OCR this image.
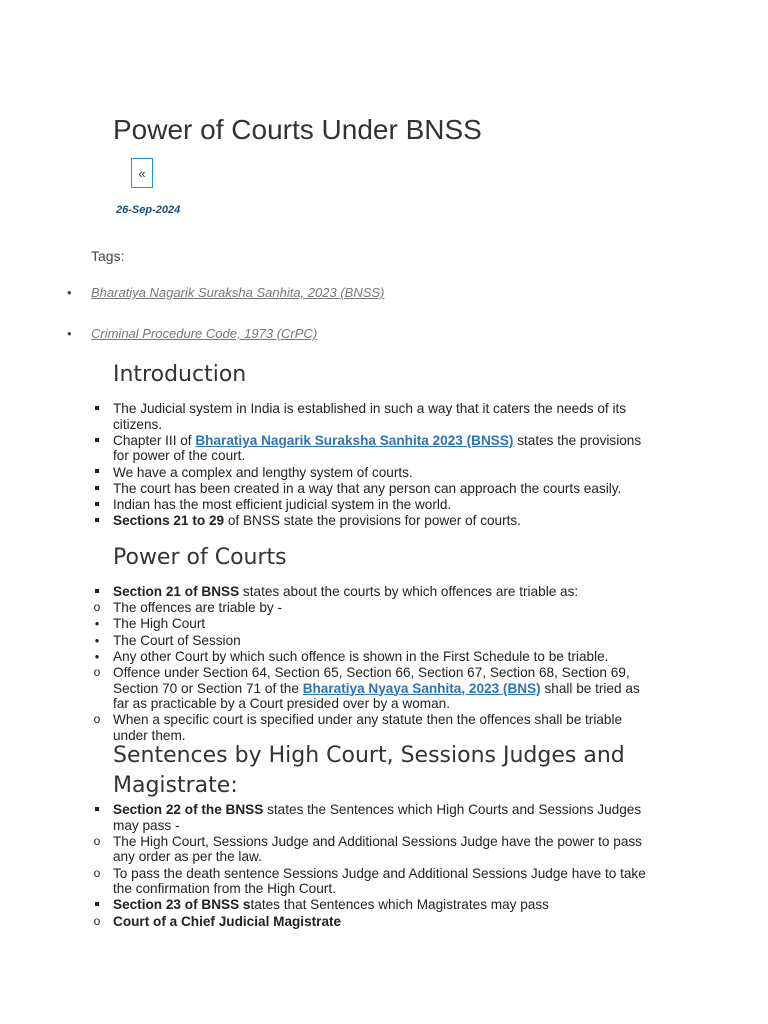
Power of Courts Under BNSS
«
26-Sep-2024
Tags:
• Bharatiya Nagarik Suraksha Sanhita, 2023 (BNSS)
• Criminal Procedure Code, 1973 (CrPC)
Introduction
The Judicial system in India is established in such a way that it caters the needs of its citizens.
Chapter III of Bharatiya Nagarik Suraksha Sanhita 2023 (BNSS) states the provisions for power of the court.
We have a complex and lengthy system of courts.
The court has been created in a way that any person can approach the courts easily.
Indian has the most efficient judicial system in the world.
Sections 21 to 29 of BNSS state the provisions for power of courts.
Power of Courts
Section 21 of BNSS states about the courts by which offences are triable as:
o The offences are triable by -
• The High Court
• The Court of Session
• Any other Court by which such offence is shown in the First Schedule to be triable.
o Offence under Section 64, Section 65, Section 66, Section 67, Section 68, Section 69, Section 70 or Section 71 of the Bharatiya Nyaya Sanhita, 2023 (BNS) shall be tried as far as practicable by a Court presided over by a woman.
o When a specific court is specified under any statute then the offences shall be triable under them.
Sentences by High Court, Sessions Judges and Magistrate:
Section 22 of the BNSS states the Sentences which High Courts and Sessions Judges may pass -
o The High Court, Sessions Judge and Additional Sessions Judge have the power to pass any order as per the law.
o To pass the death sentence Sessions Judge and Additional Sessions Judge have to take the confirmation from the High Court.
Section 23 of BNSS states that Sentences which Magistrates may pass
o Court of a Chief Judicial Magistrate
